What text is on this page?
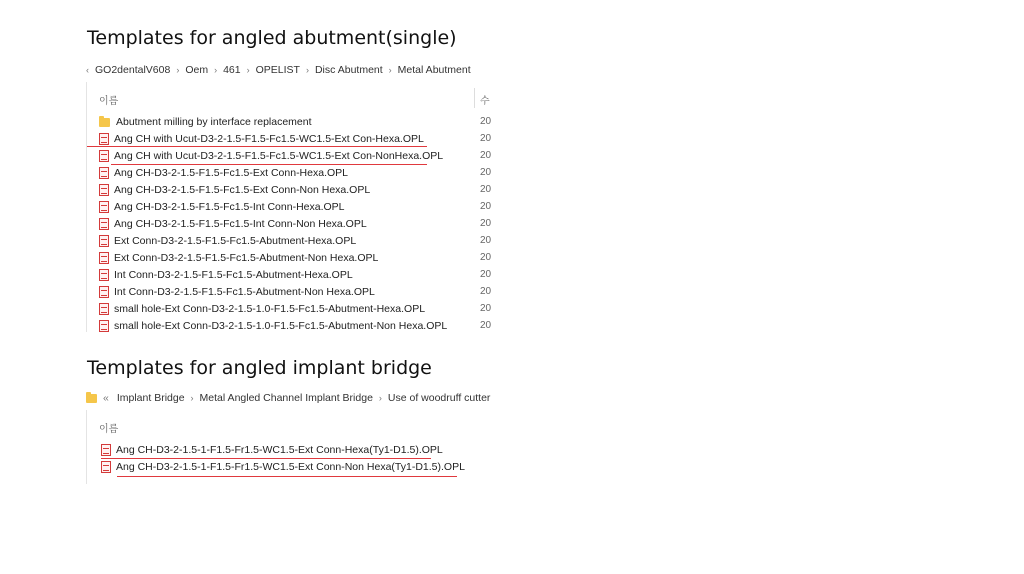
Templates for angled abutment(single)
‹ GO2dentalV608 › Oem › 461 › OPELIST › Disc Abutment › Metal Abutment
이름	수
Abutment milling by interface replacement	20
Ang CH with Ucut-D3-2-1.5-F1.5-Fc1.5-WC1.5-Ext Con-Hexa.OPL	20
Ang CH with Ucut-D3-2-1.5-F1.5-Fc1.5-WC1.5-Ext Con-NonHexa.OPL	20
Ang CH-D3-2-1.5-F1.5-Fc1.5-Ext Conn-Hexa.OPL	20
Ang CH-D3-2-1.5-F1.5-Fc1.5-Ext Conn-Non Hexa.OPL	20
Ang CH-D3-2-1.5-F1.5-Fc1.5-Int Conn-Hexa.OPL	20
Ang CH-D3-2-1.5-F1.5-Fc1.5-Int Conn-Non Hexa.OPL	20
Ext Conn-D3-2-1.5-F1.5-Fc1.5-Abutment-Hexa.OPL	20
Ext Conn-D3-2-1.5-F1.5-Fc1.5-Abutment-Non Hexa.OPL	20
Int Conn-D3-2-1.5-F1.5-Fc1.5-Abutment-Hexa.OPL	20
Int Conn-D3-2-1.5-F1.5-Fc1.5-Abutment-Non Hexa.OPL	20
small hole-Ext Conn-D3-2-1.5-1.0-F1.5-Fc1.5-Abutment-Hexa.OPL	20
small hole-Ext Conn-D3-2-1.5-1.0-F1.5-Fc1.5-Abutment-Non Hexa.OPL	20
Templates for angled implant bridge
« Implant Bridge › Metal Angled Channel Implant Bridge › Use of woodruff cutter
이름
Ang CH-D3-2-1.5-1-F1.5-Fr1.5-WC1.5-Ext Conn-Hexa(Ty1-D1.5).OPL
Ang CH-D3-2-1.5-1-F1.5-Fr1.5-WC1.5-Ext Conn-Non Hexa(Ty1-D1.5).OPL
